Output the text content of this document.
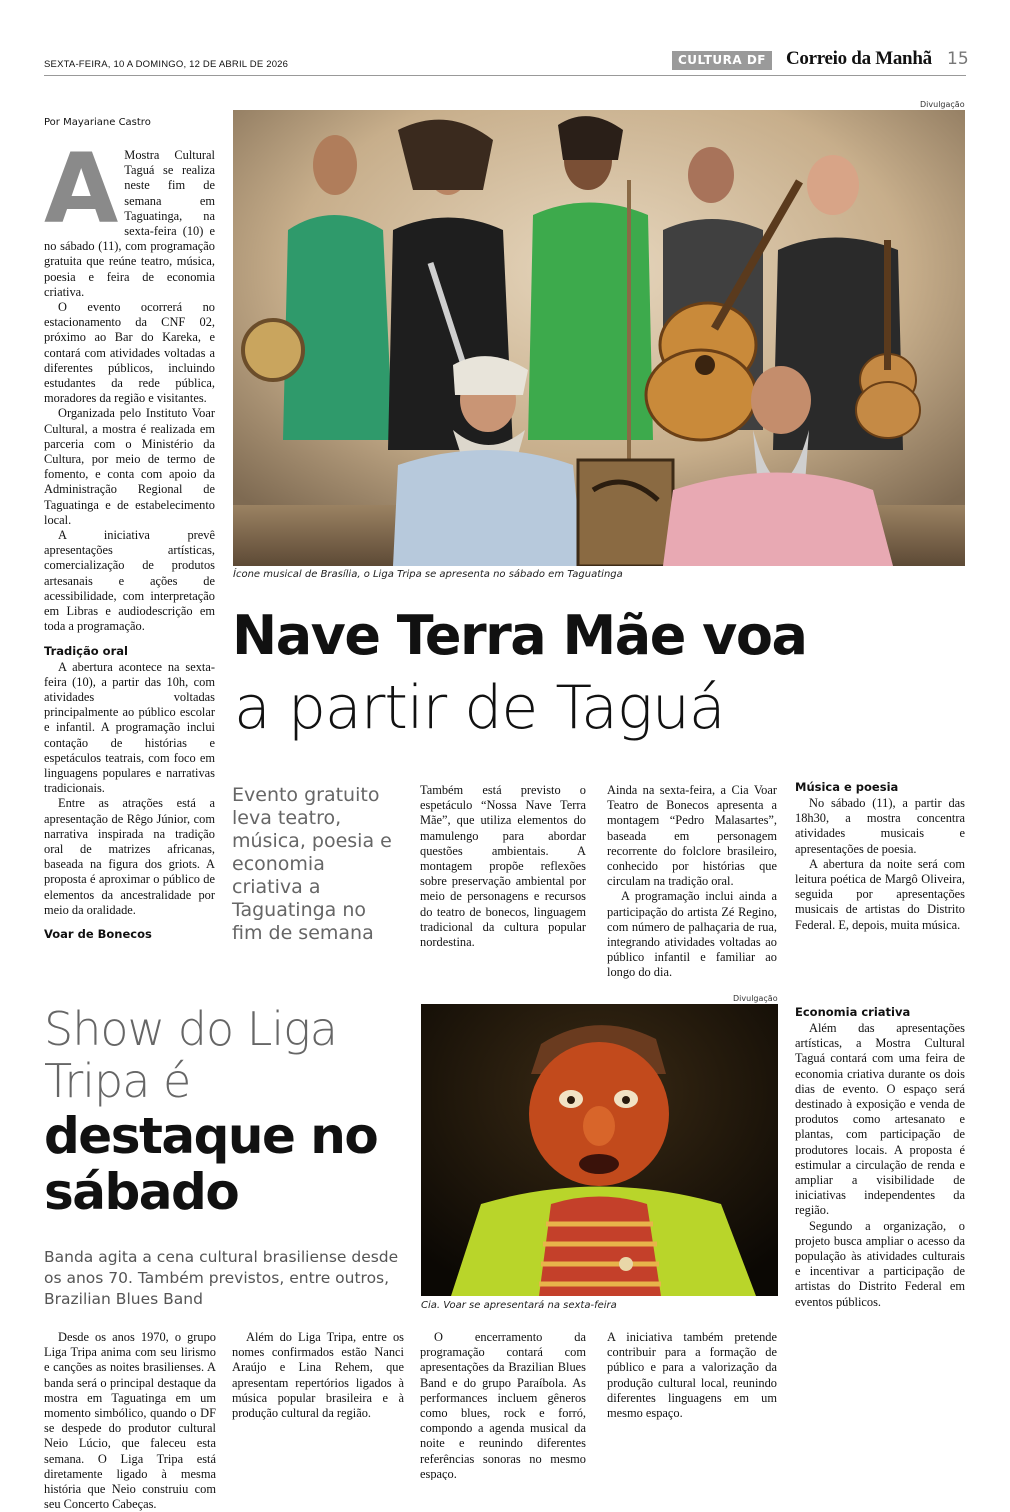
SEXTA-FEIRA, 10 A DOMINGO, 12 DE ABRIL DE 2026	CULTURA DF	Correio da Manhã 15
Por Mayariane Castro
Divulgação
Ícone musical de Brasília, o Liga Tripa se apresenta no sábado em Taguatinga
A Mostra Cultural Taguá se realiza neste fim de semana em Taguatinga, na sexta-feira (10) e no sábado (11), com programação gratuita que reúne teatro, música, poesia e feira de economia criativa.

O evento ocorrerá no estacionamento da CNF 02, próximo ao Bar do Kareka, e contará com atividades voltadas a diferentes públicos, incluindo estudantes da rede pública, moradores da região e visitantes.

Organizada pelo Instituto Voar Cultural, a mostra é realizada em parceria com o Ministério da Cultura, por meio de termo de fomento, e conta com apoio da Administração Regional de Taguatinga e de estabelecimento local.

A iniciativa prevê apresentações artísticas, comercialização de produtos artesanais e ações de acessibilidade, com interpretação em Libras e audiodescrição em toda a programação.

Tradição oral

A abertura acontece na sexta-feira (10), a partir das 10h, com atividades voltadas principalmente ao público escolar e infantil. A programação inclui contação de histórias e espetáculos teatrais, com foco em linguagens populares e narrativas tradicionais.

Entre as atrações está a apresentação de Rêgo Júnior, com narrativa inspirada na tradição oral de matrizes africanas, baseada na figura dos griots. A proposta é aproximar o público de elementos da ancestralidade por meio da oralidade.

Voar de Bonecos
Nave Terra Mãe voa
a partir de Taguá
Evento gratuito leva teatro, música, poesia e economia criativa a Taguatinga no fim de semana

Também está previsto o espetáculo “Nossa Nave Terra Mãe”, que utiliza elementos do mamulengo para abordar questões ambientais. A montagem propõe reflexões sobre preservação ambiental por meio de personagens e recursos do teatro de bonecos, linguagem tradicional da cultura popular nordestina.

Ainda na sexta-feira, a Cia Voar Teatro de Bonecos apresenta a montagem “Pedro Malasartes”, baseada em personagem recorrente do folclore brasileiro, conhecido por histórias que circulam na tradição oral.

A programação inclui ainda a participação do artista Zé Regino, com número de palhaçaria de rua, integrando atividades voltadas ao público infantil e familiar ao longo do dia.

Música e poesia

No sábado (11), a partir das 18h30, a mostra concentra atividades musicais e apresentações de poesia.

A abertura da noite será com leitura poética de Margô Oliveira, seguida por apresentações musicais de artistas do Distrito Federal. E, depois, muita música.

Show do Liga Tripa é
destaque no sábado
Banda agita a cena cultural brasiliense desde os anos 70. Também previstos, entre outros, Brazilian Blues Band
Divulgação
Cia. Voar se apresentará na sexta-feira

Desde os anos 1970, o grupo Liga Tripa anima com seu lirismo e canções as noites brasilienses. A banda será o principal destaque da mostra em Taguatinga em um momento simbólico, quando o DF se despede do produtor cultural Neio Lúcio, que faleceu esta semana. O Liga Tripa está diretamente ligado à mesma história que Neio construiu com seu Concerto Cabeças.

Além do Liga Tripa, entre os nomes confirmados estão Nanci Araújo e Lina Rehem, que apresentam repertórios ligados à música popular brasileira e à produção cultural da região.

O encerramento da programação contará com apresentações da Brazilian Blues Band e do grupo Paraíbola. As performances incluem gêneros como blues, rock e forró, compondo a agenda musical da noite e reunindo diferentes referências sonoras no mesmo espaço.

A iniciativa também pretende contribuir para a formação de público e para a valorização da produção cultural local, reunindo diferentes linguagens em um mesmo espaço.

Economia criativa

Além das apresentações artísticas, a Mostra Cultural Taguá contará com uma feira de economia criativa durante os dois dias de evento. O espaço será destinado à exposição e venda de produtos como artesanato e plantas, com participação de produtores locais. A proposta é estimular a circulação de renda e ampliar a visibilidade de iniciativas independentes da região.

Segundo a organização, o projeto busca ampliar o acesso da população às atividades culturais e incentivar a participação de artistas do Distrito Federal em eventos públicos.
